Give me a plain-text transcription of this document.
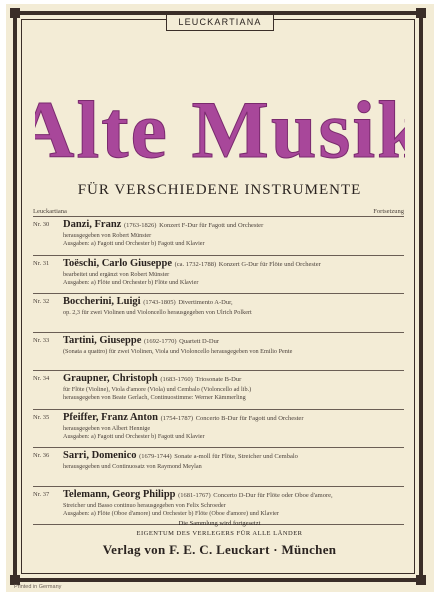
LEUCKARTIANA
Alte Musik
FÜR VERSCHIEDENE INSTRUMENTE
Leuckartiana	Fortsetzung
Nr. 30 Danzi, Franz (1763-1826) Konzert F-Dur für Fagott und Orchester
herausgegeben von Robert Münster
Ausgaben: a) Fagott und Orchester b) Fagott und Klavier
Nr. 31 Toëschi, Carlo Giuseppe (ca. 1732-1788) Konzert G-Dur für Flöte und Orchester
bearbeitet und ergänzt von Robert Münster
Ausgaben: a) Flöte und Orchester b) Flöte und Klavier
Nr. 32 Boccherini, Luigi (1743-1805) Divertimento A-Dur,
op. 2,3 für zwei Violinen und Violoncello herausgegeben von Ulrich Polkert
Nr. 33 Tartini, Giuseppe (1692-1770) Quartett D-Dur
(Sonata a quattro) für zwei Violinen, Viola und Violoncello herausgegeben von Emilio Pente
Nr. 34 Graupner, Christoph (1683-1760) Triosonate B-Dur
für Flöte (Violine), Viola d'amore (Viola) und Cembalo (Violoncello ad lib.)
herausgegeben von Beate Gerlach, Continuostimme: Werner Kämmerling
Nr. 35 Pfeiffer, Franz Anton (1754-1787) Concerto B-Dur für Fagott und Orchester
herausgegeben von Albert Hennige
Ausgaben: a) Fagott und Orchester b) Fagott und Klavier
Nr. 36 Sarri, Domenico (1679-1744) Sonate a-moll für Flöte, Streicher und Cembalo
herausgegeben und Continuosatz von Raymond Meylan
Nr. 37 Telemann, Georg Philipp (1681-1767) Concerto D-Dur für Flöte oder Oboe d'amore,
Streicher und Basso continuo herausgegeben von Felix Schroeder
Ausgaben: a) Flöte (Oboe d'amore) und Orchester b) Flöte (Oboe d'amore) und Klavier
Die Sammlung wird fortgesetzt
EIGENTUM DES VERLEGERS FÜR ALLE LÄNDER
Verlag von F. E. C. Leuckart · München
Printed in Germany
